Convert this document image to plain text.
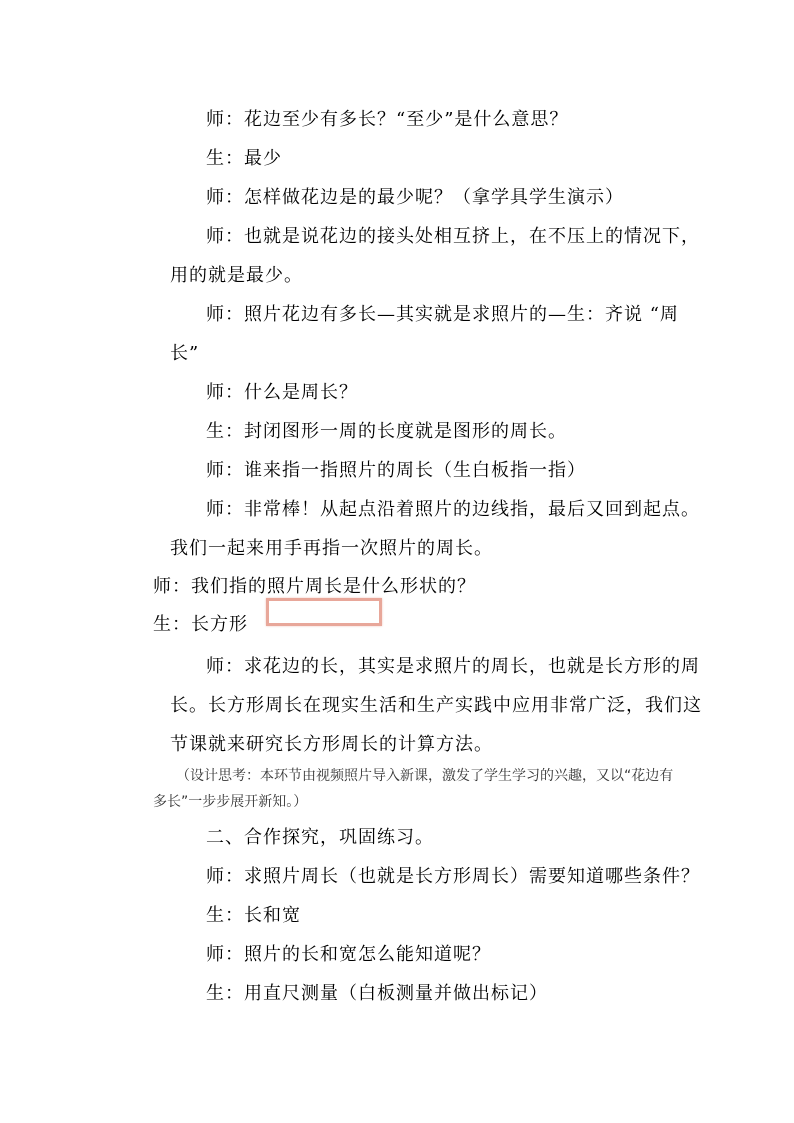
师：花边至少有多长？“至少”是什么意思？
生：最少
师：怎样做花边是的最少呢？（拿学具学生演示）
师：也就是说花边的接头处相互挤上，在不压上的情况下，
用的就是最少。
师：照片花边有多长—其实就是求照片的—生：齐说 “周
长”
师：什么是周长？
生：封闭图形一周的长度就是图形的周长。
师：谁来指一指照片的周长（生白板指一指）
师：非常棒！从起点沿着照片的边线指，最后又回到起点。
我们一起来用手再指一次照片的周长。
师：我们指的照片周长是什么形状的？
生：长方形
师：求花边的长，其实是求照片的周长，也就是长方形的周
长。长方形周长在现实生活和生产实践中应用非常广泛，我们这
节课就来研究长方形周长的计算方法。
（设计思考：本环节由视频照片导入新课，激发了学生学习的兴趣，又以“花边有
多长”一步步展开新知。）
二、合作探究，巩固练习。
师：求照片周长（也就是长方形周长）需要知道哪些条件？
生：长和宽
师：照片的长和宽怎么能知道呢？
生：用直尺测量（白板测量并做出标记）
